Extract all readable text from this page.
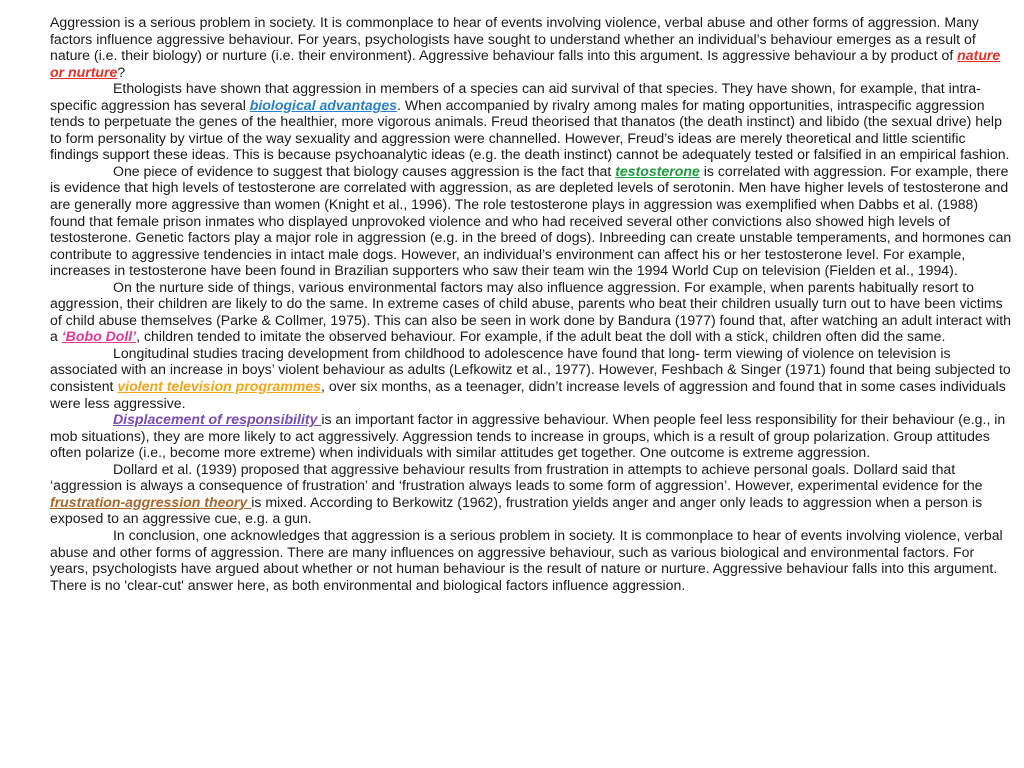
Aggression is a serious problem in society. It is commonplace to hear of events involving violence, verbal abuse and other forms of aggression. Many factors influence aggressive behaviour. For years, psychologists have sought to understand whether an individual’s behaviour emerges as a result of nature (i.e. their biology) or nurture (i.e. their environment). Aggressive behaviour falls into this argument. Is aggressive behaviour a by product of nature or nurture?

Ethologists have shown that aggression in members of a species can aid survival of that species. They have shown, for example, that intra-specific aggression has several biological advantages. When accompanied by rivalry among males for mating opportunities, intraspecific aggression tends to perpetuate the genes of the healthier, more vigorous animals. Freud theorised that thanatos (the death instinct) and libido (the sexual drive) help to form personality by virtue of the way sexuality and aggression were channelled. However, Freud’s ideas are merely theoretical and little scientific findings support these ideas. This is because psychoanalytic ideas (e.g. the death instinct) cannot be adequately tested or falsified in an empirical fashion.

One piece of evidence to suggest that biology causes aggression is the fact that testosterone is correlated with aggression. For example, there is evidence that high levels of testosterone are correlated with aggression, as are depleted levels of serotonin. Men have higher levels of testosterone and are generally more aggressive than women (Knight et al., 1996). The role testosterone plays in aggression was exemplified when Dabbs et al. (1988) found that female prison inmates who displayed unprovoked violence and who had received several other convictions also showed high levels of testosterone. Genetic factors play a major role in aggression (e.g. in the breed of dogs). Inbreeding can create unstable temperaments, and hormones can contribute to aggressive tendencies in intact male dogs. However, an individual’s environment can affect his or her testosterone level. For example, increases in testosterone have been found in Brazilian supporters who saw their team win the 1994 World Cup on television (Fielden et al., 1994).

On the nurture side of things, various environmental factors may also influence aggression. For example, when parents habitually resort to aggression, their children are likely to do the same. In extreme cases of child abuse, parents who beat their children usually turn out to have been victims of child abuse themselves (Parke & Collmer, 1975). This can also be seen in work done by Bandura (1977) found that, after watching an adult interact with a ‘Bobo Doll’, children tended to imitate the observed behaviour. For example, if the adult beat the doll with a stick, children often did the same.

Longitudinal studies tracing development from childhood to adolescence have found that long- term viewing of violence on television is associated with an increase in boys’ violent behaviour as adults (Lefkowitz et al., 1977). However, Feshbach & Singer (1971) found that being subjected to consistent violent television programmes, over six months, as a teenager, didn’t increase levels of aggression and found that in some cases individuals were less aggressive.

Displacement of responsibility is an important factor in aggressive behaviour. When people feel less responsibility for their behaviour (e.g., in mob situations), they are more likely to act aggressively. Aggression tends to increase in groups, which is a result of group polarization. Group attitudes often polarize (i.e., become more extreme) when individuals with similar attitudes get together. One outcome is extreme aggression.

Dollard et al. (1939) proposed that aggressive behaviour results from frustration in attempts to achieve personal goals. Dollard said that ‘aggression is always a consequence of frustration’ and ‘frustration always leads to some form of aggression’. However, experimental evidence for the frustration-aggression theory is mixed. According to Berkowitz (1962), frustration yields anger and anger only leads to aggression when a person is exposed to an aggressive cue, e.g. a gun.

In conclusion, one acknowledges that aggression is a serious problem in society. It is commonplace to hear of events involving violence, verbal abuse and other forms of aggression. There are many influences on aggressive behaviour, such as various biological and environmental factors. For years, psychologists have argued about whether or not human behaviour is the result of nature or nurture. Aggressive behaviour falls into this argument. There is no 'clear-cut' answer here, as both environmental and biological factors influence aggression.
